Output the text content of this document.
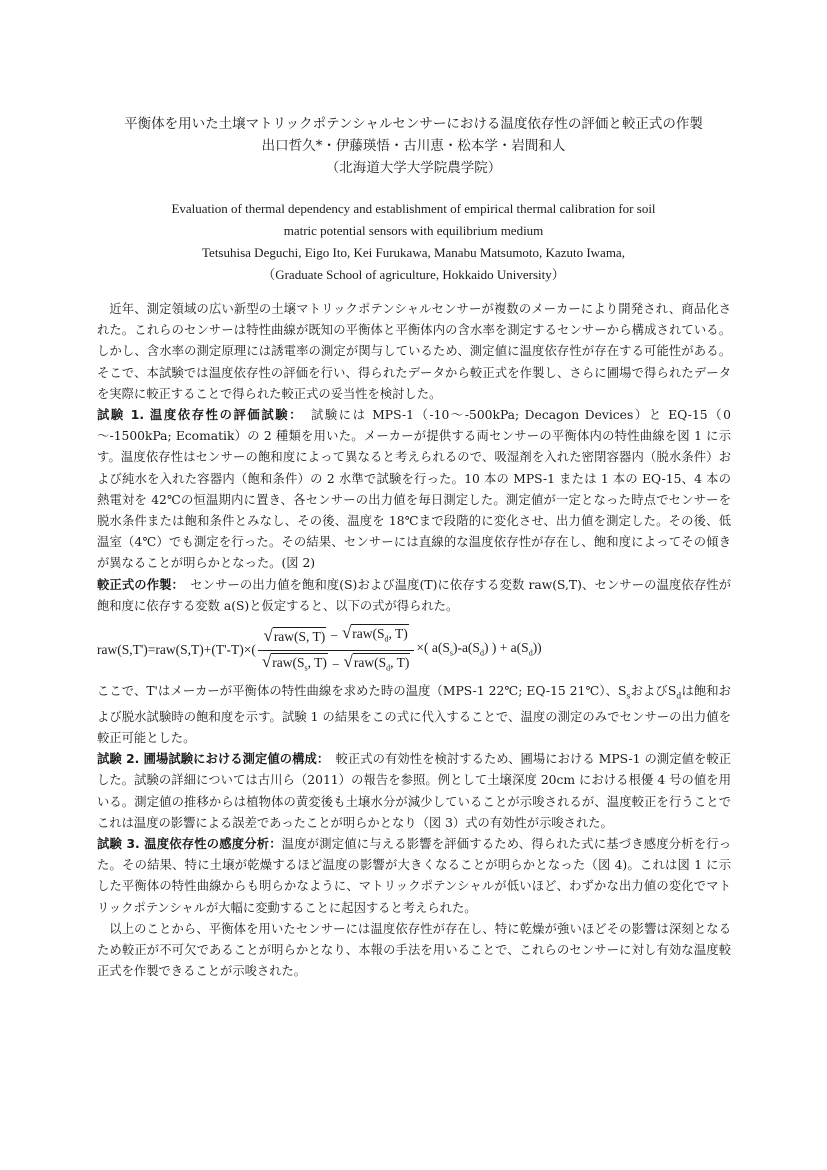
平衡体を用いた土壌マトリックポテンシャルセンサーにおける温度依存性の評価と較正式の作製
出口哲久*・伊藤瑛悟・古川恵・松本学・岩間和人
（北海道大学大学院農学院）
Evaluation of thermal dependency and establishment of empirical thermal calibration for soil
matric potential sensors with equilibrium medium
Tetsuhisa Deguchi, Eigo Ito, Kei Furukawa, Manabu Matsumoto, Kazuto Iwama,
（Graduate School of agriculture, Hokkaido University）

近年、測定領域の広い新型の土壌マトリックポテンシャルセンサーが複数のメーカーにより開発され、商品化された。これらのセンサーは特性曲線が既知の平衡体と平衡体内の含水率を測定するセンサーから構成されている。しかし、含水率の測定原理には誘電率の測定が関与しているため、測定値に温度依存性が存在する可能性がある。そこで、本試験では温度依存性の評価を行い、得られたデータから較正式を作製し、さらに圃場で得られたデータを実際に較正することで得られた較正式の妥当性を検討した。

試験 1. 温度依存性の評価試験：　試験には MPS-1（-10～-500kPa; Decagon Devices）と EQ-15（0～-1500kPa; Ecomatik）の 2 種類を用いた。メーカーが提供する両センサーの平衡体内の特性曲線を図 1 に示す。温度依存性はセンサーの飽和度によって異なると考えられるので、吸湿剤を入れた密閉容器内（脱水条件）および純水を入れた容器内（飽和条件）の 2 水準で試験を行った。10 本の MPS-1 または 1 本の EQ-15、4 本の熱電対を 42℃の恒温期内に置き、各センサーの出力値を毎日測定した。測定値が一定となった時点でセンサーを脱水条件または飽和条件とみなし、その後、温度を 18℃まで段階的に変化させ、出力値を測定した。その後、低温室（4℃）でも測定を行った。その結果、センサーには直線的な温度依存性が存在し、飽和度によってその傾きが異なることが明らかとなった。(図 2)

較正式の作製：　センサーの出力値を飽和度(S)および温度(T)に依存する変数 raw(S,T)、センサーの温度依存性が飽和度に依存する変数 a(S)と仮定すると、以下の式が得られた。

$raw(S,T')=raw(S,T)+(T'-T)\times( \frac{√ raw(S, T) - √ raw(S_d, T)}{√ raw(S_s, T) - √ raw(S_d, T)}$ ×( $a(S_s)-a(S_d)$ ) + $a(S_d)$)

ここで、T'はメーカーが平衡体の特性曲線を求めた時の温度（MPS-1 22℃; EQ-15 21℃）、$S_s$および$S_d$は飽和および脱水試験時の飽和度を示す。試験 1 の結果をこの式に代入することで、温度の測定のみでセンサーの出力値を較正可能とした。

試験 2. 圃場試験における測定値の構成：　較正式の有効性を検討するため、圃場における MPS-1 の測定値を較正した。試験の詳細については古川ら（2011）の報告を参照。例として土壌深度 20cm における根優 4 号の値を用いる。測定値の推移からは植物体の黄変後も土壌水分が減少していることが示唆されるが、温度較正を行うことでこれは温度の影響による誤差であったことが明らかとなり（図 3）式の有効性が示唆された。

試験 3. 温度依存性の感度分析：温度が測定値に与える影響を評価するため、得られた式に基づき感度分析を行った。その結果、特に土壌が乾燥するほど温度の影響が大きくなることが明らかとなった（図 4)。これは図 1 に示した平衡体の特性曲線からも明らかなように、マトリックポテンシャルが低いほど、わずかな出力値の変化でマトリックポテンシャルが大幅に変動することに起因すると考えられた。

以上のことから、平衡体を用いたセンサーには温度依存性が存在し、特に乾燥が強いほどその影響は深刻となるため較正が不可欠であることが明らかとなり、本報の手法を用いることで、これらのセンサーに対し有効な温度較正式を作製できることが示唆された。
